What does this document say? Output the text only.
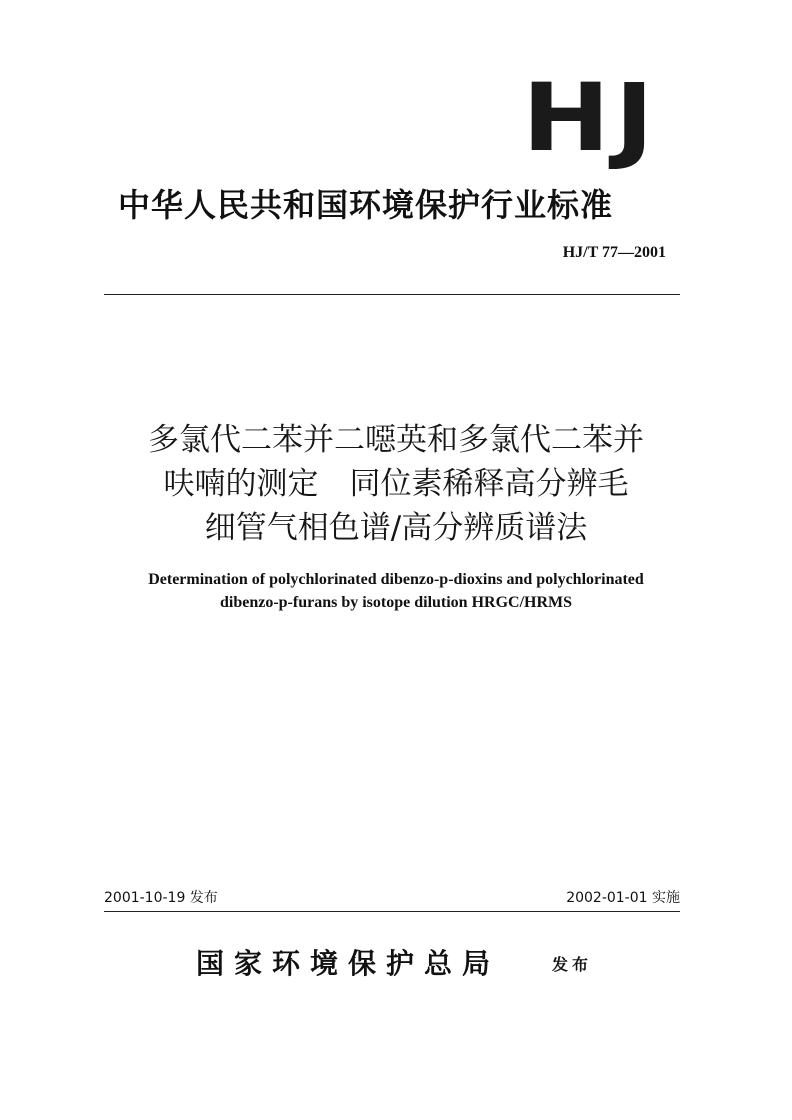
HJ
中华人民共和国环境保护行业标准
HJ/T 77—2001
多氯代二苯并二噁英和多氯代二苯并
呋喃的测定　同位素稀释高分辨毛
细管气相色谱/高分辨质谱法
Determination of polychlorinated dibenzo-p-dioxins and polychlorinated
dibenzo-p-furans by isotope dilution HRGC/HRMS
2001-10-19 发布	2002-01-01 实施
国家环境保护总局	发布
